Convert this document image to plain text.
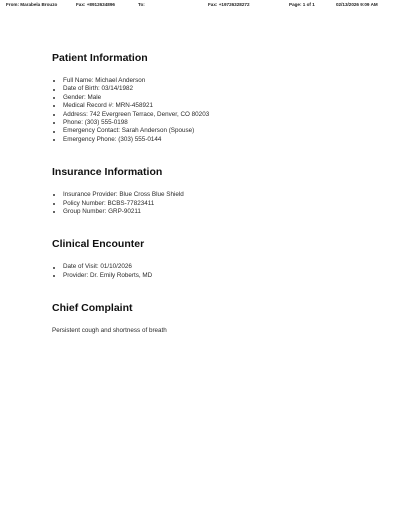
From: Marabela Brouzo	Fax: +8912634896	To:	Fax: +19726328272	Page: 1 of 1	02/13/2026 9:09 AM
Patient Information
Full Name: Michael Anderson
Date of Birth: 03/14/1982
Gender: Male
Medical Record #: MRN-458921
Address: 742 Evergreen Terrace, Denver, CO 80203
Phone: (303) 555-0198
Emergency Contact: Sarah Anderson (Spouse)
Emergency Phone: (303) 555-0144
Insurance Information
Insurance Provider: Blue Cross Blue Shield
Policy Number: BCBS-77823411
Group Number: GRP-90211
Clinical Encounter
Date of Visit: 01/10/2026
Provider: Dr. Emily Roberts, MD
Chief Complaint

Persistent cough and shortness of breath
